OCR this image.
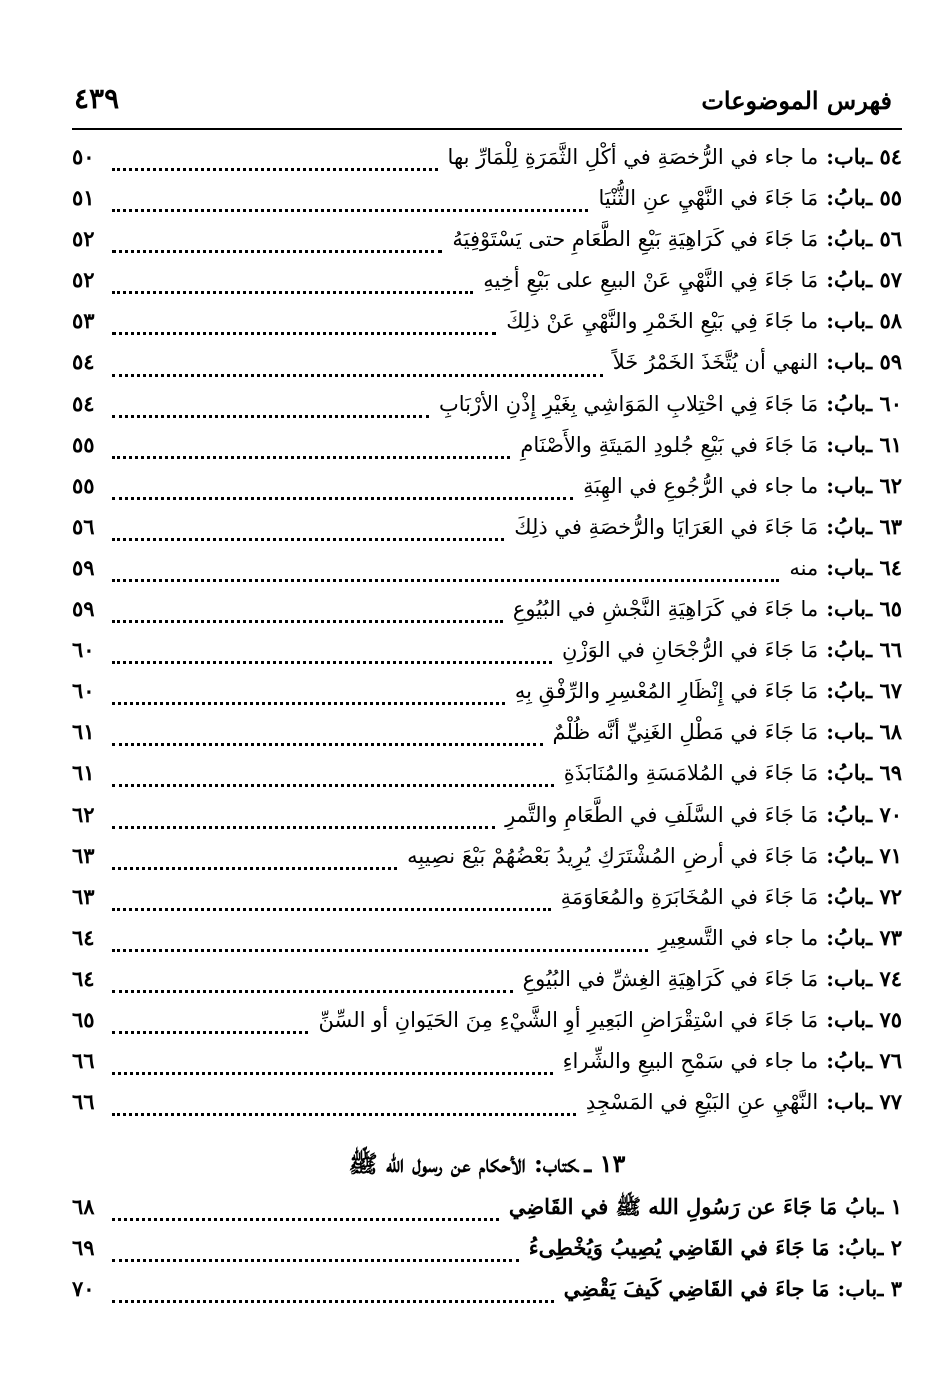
فهرس الموضوعات
٤٣٩
٥٤ ـ
باب:
ما جاء في الرُّخصَةِ في أكْلِ الثَّمَرَةِ لِلْمَارِّ بها
٥٠
٥٥ ـ
بابُ:
مَا جَاءَ في النَّهْيِ عنِ الثُّنْيَا
٥١
٥٦ ـ
بابُ:
مَا جَاءَ في كَرَاهِيَةِ بَيْعِ الطَّعَامِ حتى يَسْتَوْفِيَهُ
٥٢
٥٧ ـ
بابُ:
مَا جَاءَ فِي النَّهْيِ عَنْ البيعِ على بَيْعِ أخِيهِ
٥٢
٥٨ ـ
باب:
ما جَاءَ فِي بَيْعِ الخَمْرِ والنَّهْيِ عَنْ ذلِكَ
٥٣
٥٩ ـ
باب:
النهي أن يُتَّخَذَ الخَمْرُ خَلاً
٥٤
٦٠ ـ
بابُ:
مَا جَاءَ فِي احْتِلابِ المَوَاشِي بِغَيْرِ إِذْنِ الأرْبَابِ
٥٤
٦١ ـ
باب:
مَا جَاءَ في بَيْعِ جُلودِ المَيتَةِ والأَصْنَامِ
٥٥
٦٢ ـ
باب:
ما جاء في الرُّجُوعِ في الهِبَةِ
٥٥
٦٣ ـ
بابُ:
مَا جَاءَ في العَرَايَا والرُّخصَةِ في ذلِكَ
٥٦
٦٤ ـ
باب:
منه
٥٩
٦٥ ـ
باب:
ما جَاءَ في كَرَاهِيَةِ النَّجْشِ في البُيُوعِ
٥٩
٦٦ ـ
بابُ:
مَا جَاءَ في الرُّجْحَانِ في الوَزْنِ
٦٠
٦٧ ـ
بابُ:
مَا جَاءَ في إِنْظَارِ المُعْسِرِ والرِّفْقِ بِهِ
٦٠
٦٨ ـ
باب:
مَا جَاءَ في مَطْلِ الغَنِيِّ أنَّه ظُلْمٌ
٦١
٦٩ ـ
بابُ:
مَا جَاءَ في المُلامَسَةِ والمُنَابَذَةِ
٦١
٧٠ ـ
بابُ:
مَا جَاءَ في السَّلَفِ في الطَّعَامِ والتَّمرِ
٦٢
٧١ ـ
بابُ:
مَا جَاءَ في أرضِ المُشْتَرَكِ يُرِيدُ بَعْضُهُمْ بَيْعَ نصِيبِه
٦٣
٧٢ ـ
بابُ:
مَا جَاءَ في المُخَابَرَةِ والمُعَاوَمَةِ
٦٣
٧٣ ـ
بابُ:
ما جاء في التَّسعِيرِ
٦٤
٧٤ ـ
باب:
مَا جَاءَ في كَرَاهِيَةِ الغِشِّ في البُيُوعِ
٦٤
٧٥ ـ
باب:
مَا جَاءَ في اسْتِقْرَاضِ البَعِيرِ أوِ الشَّيْءِ مِنَ الحَيَوانِ أو السِّنِّ
٦٥
٧٦ ـ
بابُ:
ما جاء في سَمْحِ البيعِ والشِّراءِ
٦٦
٧٧ ـ
باب:
النَّهْيِ عنِ البَيْعِ في المَسْجِدِ
٦٦
١٣ ـكتاب: الأحكام عن رسول الله ﷺ
١ ـ
بابُ
مَا جَاءَ عن رَسُولِ الله ﷺ في القَاضِي
٦٨
٢ ـ
بابُ:
مَا جَاءَ في القَاضِي يُصِيبُ وَيُخْطِىءُ
٦٩
٣ ـ
باب:
مَا جاءَ في القَاضِي كَيفَ يَقْضِي
٧٠
